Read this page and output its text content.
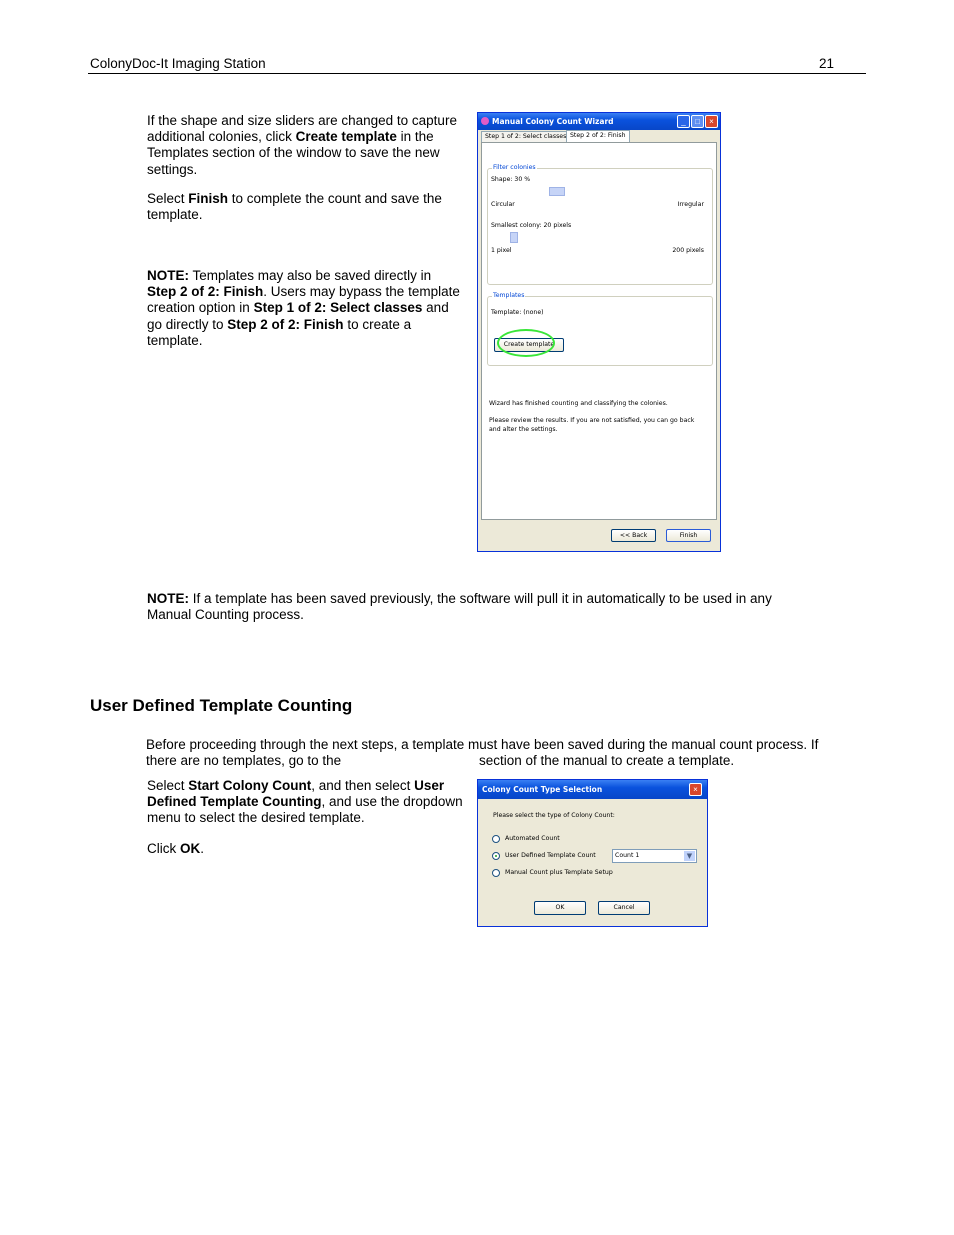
ColonyDoc-It Imaging Station	21
If the shape and size sliders are changed to capture additional colonies, click Create template in the Templates section of the window to save the new settings.
Select Finish to complete the count and save the template.
NOTE: Templates may also be saved directly in Step 2 of 2: Finish. Users may bypass the template creation option in Step 1 of 2: Select classes and go directly to Step 2 of 2: Finish to create a template.
Manual Colony Count Wizard	_	□	×
Step 1 of 2: Select classes Step 2 of 2: Finish
Filter colonies
Shape: 30 %
Circular	Irregular
Smallest colony: 20 pixels
1 pixel	200 pixels
Templates
Template: (none)
Create template
Wizard has finished counting and classifying the colonies.
Please review the results. If you are not satisfied, you can go back and alter the settings.
<< Back	Finish
NOTE: If a template has been saved previously, the software will pull it in automatically to be used in any Manual Counting process.
User Defined Template Counting
Before proceeding through the next steps, a template must have been saved during the manual count process. If
there are no templates, go to the	section of the manual to create a template.
Select Start Colony Count, and then select User Defined Template Counting, and use the dropdown menu to select the desired template.
Click OK.
Colony Count Type Selection	×
Please select the type of Colony Count:
Automated Count
User Defined Template Count	Count 1	▼
Manual Count plus Template Setup
OK	Cancel
